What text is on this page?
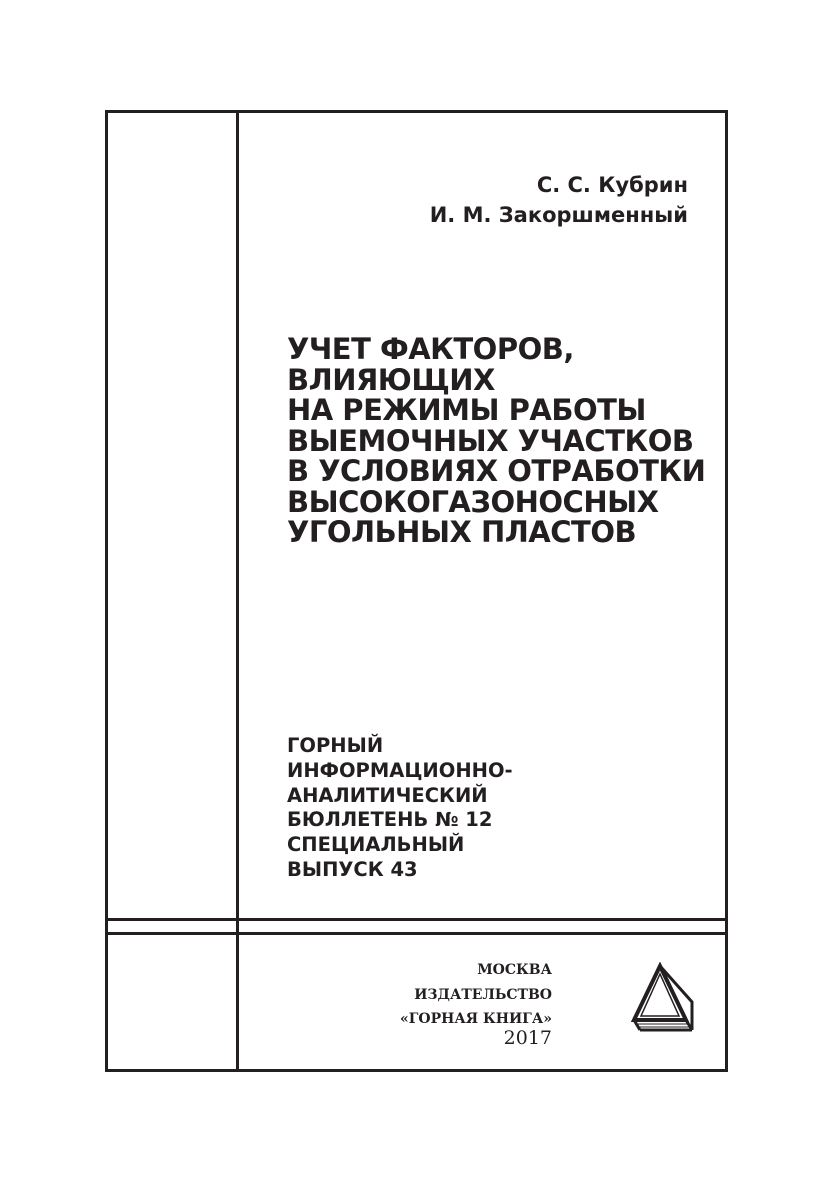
С. С. Кубрин
И. М. Закоршменный
УЧЕТ ФАКТОРОВ,
ВЛИЯЮЩИХ
НА РЕЖИМЫ РАБОТЫ
ВЫЕМОЧНЫХ УЧАСТКОВ
В УСЛОВИЯХ ОТРАБОТКИ
ВЫСОКОГАЗОНОСНЫХ
УГОЛЬНЫХ ПЛАСТОВ
ГОРНЫЙ
ИНФОРМАЦИОННО-
АНАЛИТИЧЕСКИЙ
БЮЛЛЕТЕНЬ № 12
СПЕЦИАЛЬНЫЙ
ВЫПУСК 43
МОСКВА
ИЗДАТЕЛЬСТВО
«ГОРНАЯ КНИГА»
2017
